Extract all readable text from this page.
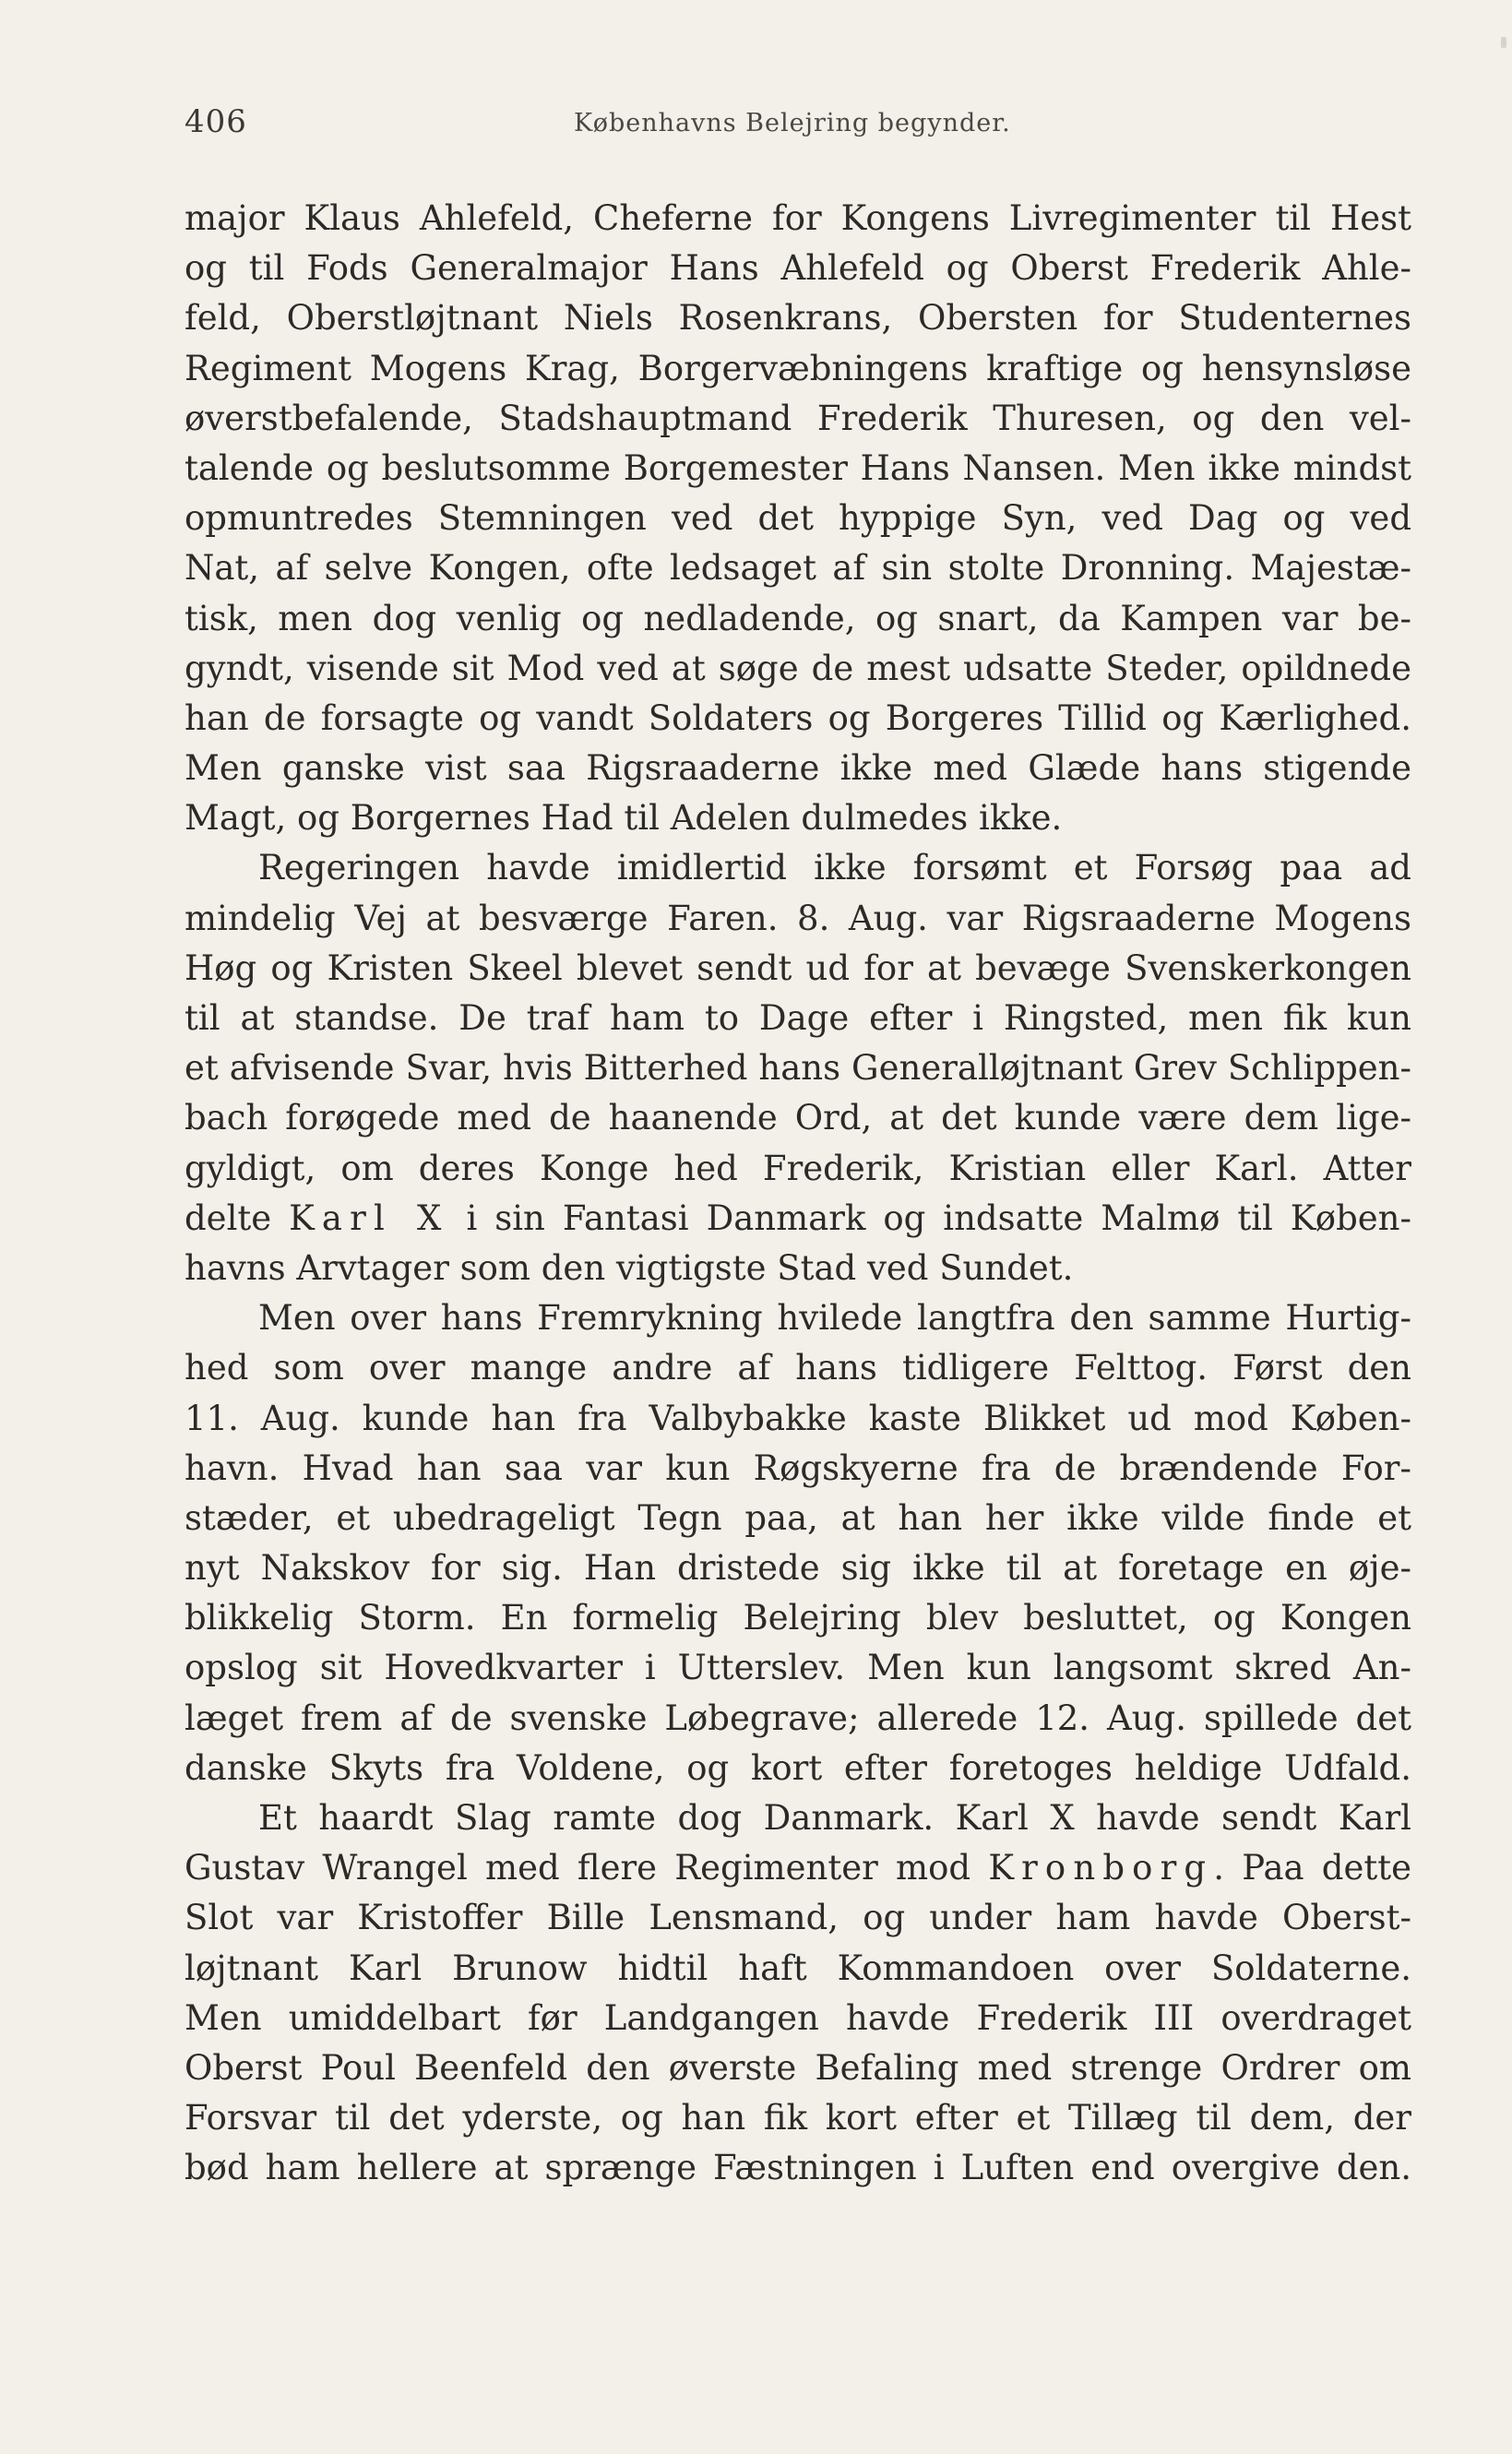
406	Københavns Belejring begynder.
major Klaus Ahlefeld, Cheferne for Kongens Livregimenter til Hest
og til Fods Generalmajor Hans Ahlefeld og Oberst Frederik Ahle-
feld, Oberstløjtnant Niels Rosenkrans, Obersten for Studenternes
Regiment Mogens Krag, Borgervæbningens kraftige og hensynsløse
øverstbefalende, Stadshauptmand Frederik Thuresen, og den vel-
talende og beslutsomme Borgemester Hans Nansen. Men ikke mindst
opmuntredes Stemningen ved det hyppige Syn, ved Dag og ved
Nat, af selve Kongen, ofte ledsaget af sin stolte Dronning. Majestæ-
tisk, men dog venlig og nedladende, og snart, da Kampen var be-
gyndt, visende sit Mod ved at søge de mest udsatte Steder, opildnede
han de forsagte og vandt Soldaters og Borgeres Tillid og Kærlighed.
Men ganske vist saa Rigsraaderne ikke med Glæde hans stigende
Magt, og Borgernes Had til Adelen dulmedes ikke.
Regeringen havde imidlertid ikke forsømt et Forsøg paa ad
mindelig Vej at besværge Faren. 8. Aug. var Rigsraaderne Mogens
Høg og Kristen Skeel blevet sendt ud for at bevæge Svenskerkongen
til at standse. De traf ham to Dage efter i Ringsted, men fik kun
et afvisende Svar, hvis Bitterhed hans Generalløjtnant Grev Schlippen-
bach forøgede med de haanende Ord, at det kunde være dem lige-
gyldigt, om deres Konge hed Frederik, Kristian eller Karl. Atter
delte Karl X i sin Fantasi Danmark og indsatte Malmø til Køben-
havns Arvtager som den vigtigste Stad ved Sundet.
Men over hans Fremrykning hvilede langtfra den samme Hurtig-
hed som over mange andre af hans tidligere Felttog. Først den
11. Aug. kunde han fra Valbybakke kaste Blikket ud mod Køben-
havn. Hvad han saa var kun Røgskyerne fra de brændende For-
stæder, et ubedrageligt Tegn paa, at han her ikke vilde finde et
nyt Nakskov for sig. Han dristede sig ikke til at foretage en øje-
blikkelig Storm. En formelig Belejring blev besluttet, og Kongen
opslog sit Hovedkvarter i Utterslev. Men kun langsomt skred An-
læget frem af de svenske Løbegrave; allerede 12. Aug. spillede det
danske Skyts fra Voldene, og kort efter foretoges heldige Udfald.
Et haardt Slag ramte dog Danmark. Karl X havde sendt Karl
Gustav Wrangel med flere Regimenter mod Kronborg. Paa dette
Slot var Kristoffer Bille Lensmand, og under ham havde Oberst-
løjtnant Karl Brunow hidtil haft Kommandoen over Soldaterne.
Men umiddelbart før Landgangen havde Frederik III overdraget
Oberst Poul Beenfeld den øverste Befaling med strenge Ordrer om
Forsvar til det yderste, og han fik kort efter et Tillæg til dem, der
bød ham hellere at sprænge Fæstningen i Luften end overgive den.
